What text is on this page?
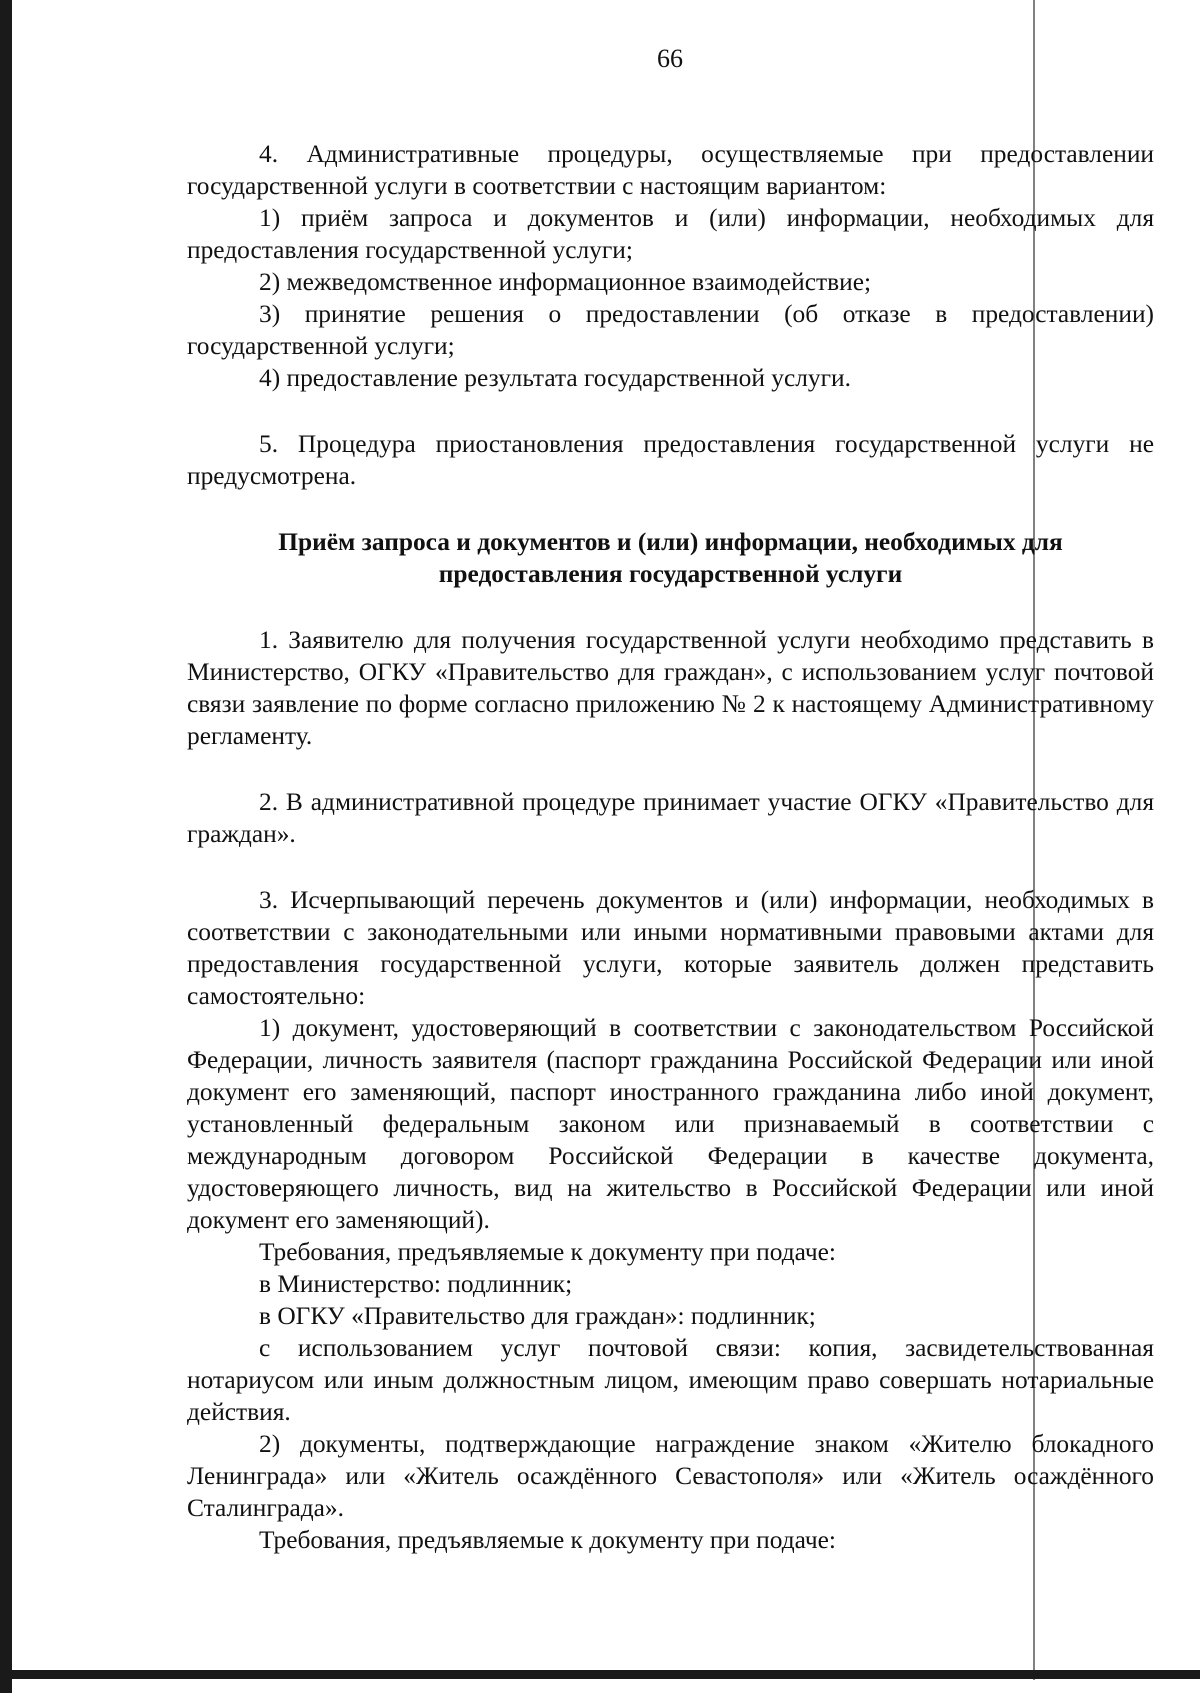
66

4. Административные процедуры, осуществляемые при предоставлении государственной услуги в соответствии с настоящим вариантом:

1) приём запроса и документов и (или) информации, необходимых для предоставления государственной услуги;

2) межведомственное информационное взаимодействие;

3) принятие решения о предоставлении (об отказе в предоставлении) государственной услуги;

4) предоставление результата государственной услуги.

5. Процедура приостановления предоставления государственной услуги не предусмотрена.

Приём запроса и документов и (или) информации, необходимых для
предоставления государственной услуги

1. Заявителю для получения государственной услуги необходимо представить в Министерство, ОГКУ «Правительство для граждан», с использованием услуг почтовой связи заявление по форме согласно приложению № 2 к настоящему Административному регламенту.

2. В административной процедуре принимает участие ОГКУ «Правительство для граждан».

3. Исчерпывающий перечень документов и (или) информации, необходимых в соответствии с законодательными или иными нормативными правовыми актами для предоставления государственной услуги, которые заявитель должен представить самостоятельно:

1) документ, удостоверяющий в соответствии с законодательством Российской Федерации, личность заявителя (паспорт гражданина Российской Федерации или иной документ его заменяющий, паспорт иностранного гражданина либо иной документ, установленный федеральным законом или признаваемый в соответствии с международным договором Российской Федерации в качестве документа, удостоверяющего личность, вид на жительство в Российской Федерации или иной документ его заменяющий).

Требования, предъявляемые к документу при подаче:

в Министерство: подлинник;

в ОГКУ «Правительство для граждан»: подлинник;

с использованием услуг почтовой связи: копия, засвидетельствованная нотариусом или иным должностным лицом, имеющим право совершать нотариальные действия.

2) документы, подтверждающие награждение знаком «Жителю блокадного Ленинграда» или «Житель осаждённого Севастополя» или «Житель осаждённого Сталинграда».

Требования, предъявляемые к документу при подаче:
